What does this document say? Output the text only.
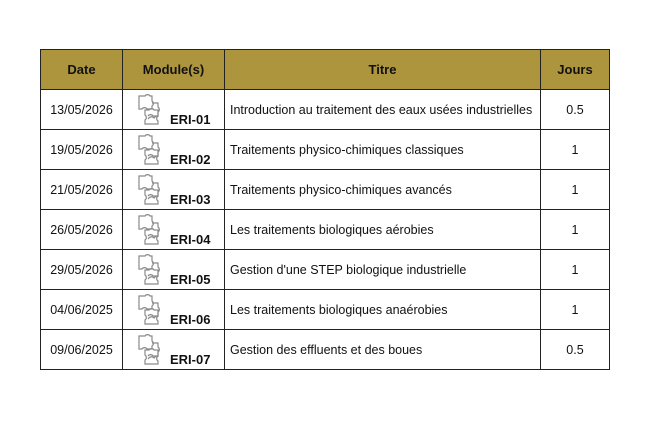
Date	Module(s)	Titre	Jours
13/05/2026	ERI-01	Introduction au traitement des eaux usées industrielles	0.5
19/05/2026	ERI-02	Traitements physico-chimiques classiques	1
21/05/2026	ERI-03	Traitements physico-chimiques avancés	1
26/05/2026	ERI-04	Les traitements biologiques aérobies	1
29/05/2026	ERI-05	Gestion d'une STEP biologique industrielle	1
04/06/2025	ERI-06	Les traitements biologiques anaérobies	1
09/06/2025	ERI-07	Gestion des effluents et des boues	0.5
